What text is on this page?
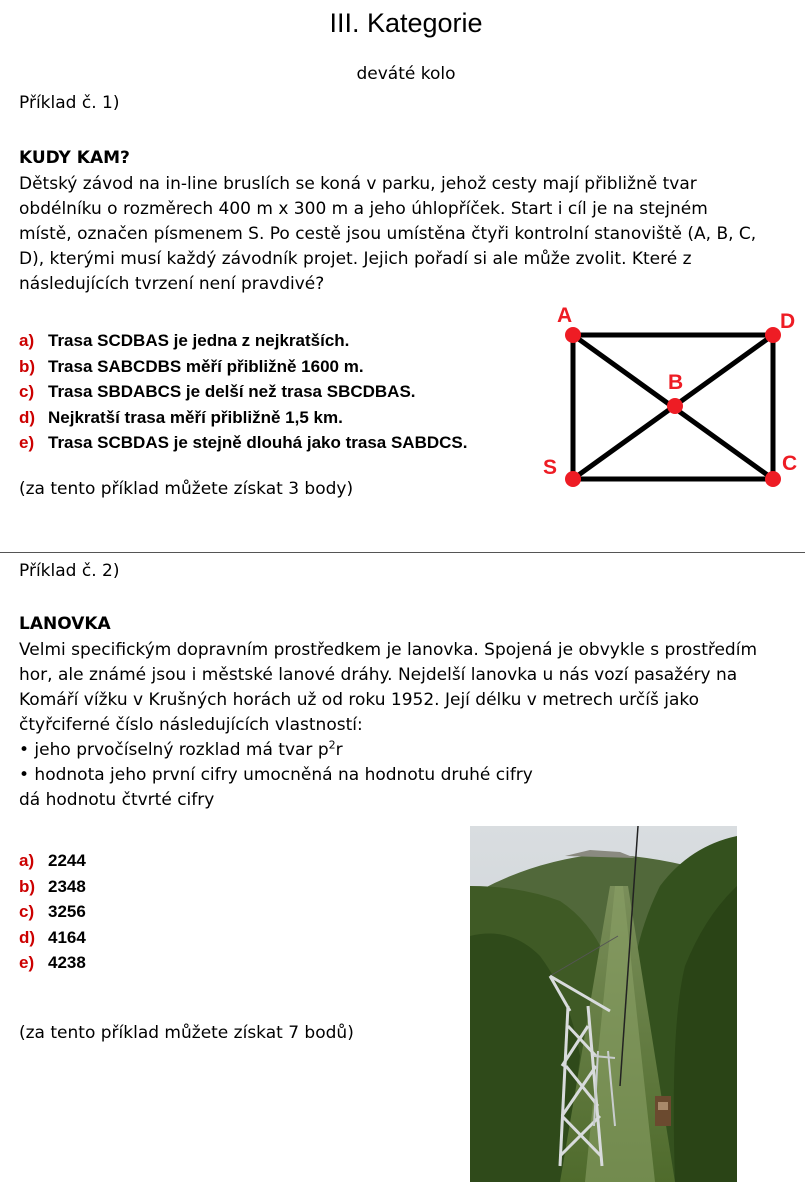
III. Kategorie
deváté kolo
Příklad č. 1)
KUDY KAM?
Dětský závod na in-line bruslích se koná v parku, jehož cesty mají přibližně tvar
obdélníku o rozměrech 400 m x 300 m a jeho úhlopříček. Start i cíl je na stejném
místě, označen písmenem S. Po cestě jsou umístěna čtyři kontrolní stanoviště (A, B, C,
D), kterými musí každý závodník projet. Jejich pořadí si ale může zvolit. Které z
následujících tvrzení není pravdivé?
a) Trasa SCDBAS je jedna z nejkratších.
b) Trasa SABCDBS měří přibližně 1600 m.
c) Trasa SBDABCS je delší než trasa SBCDBAS.
d) Nejkratší trasa měří přibližně 1,5 km.
e) Trasa SCBDAS je stejně dlouhá jako trasa SABDCS.
(za tento příklad můžete získat 3 body)
A	D
B
S	C
Příklad č. 2)
LANOVKA
Velmi specifickým dopravním prostředkem je lanovka. Spojená je obvykle s prostředím
hor, ale známé jsou i městské lanové dráhy. Nejdelší lanovka u nás vozí pasažéry na
Komáří vížku v Krušných horách už od roku 1952. Její délku v metrech určíš jako
čtyřciferné číslo následujících vlastností:
• jeho prvočíselný rozklad má tvar $p^2r$
• hodnota jeho první cifry umocněná na hodnotu druhé cifry
dá hodnotu čtvrté cifry
a) 2244
b) 2348
c) 3256
d) 4164
e) 4238
(za tento příklad můžete získat 7 bodů)
